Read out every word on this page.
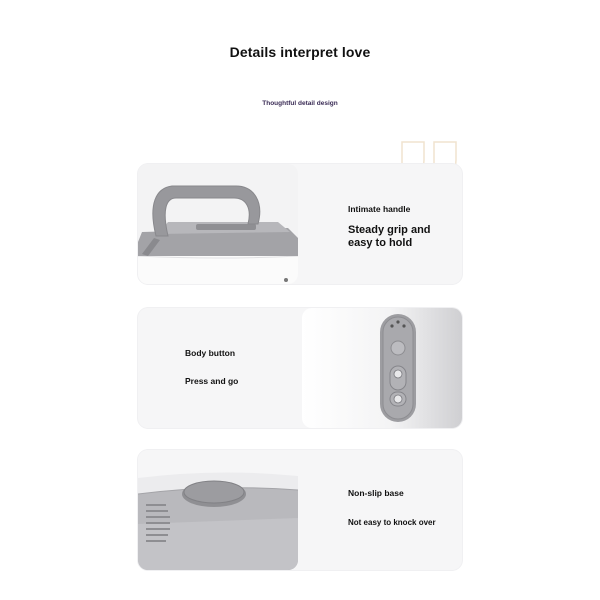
Details interpret love
Thoughtful detail design
Intimate handle
Steady grip and
easy to hold
Body button
Press and go
Non-slip base
Not easy to knock over
